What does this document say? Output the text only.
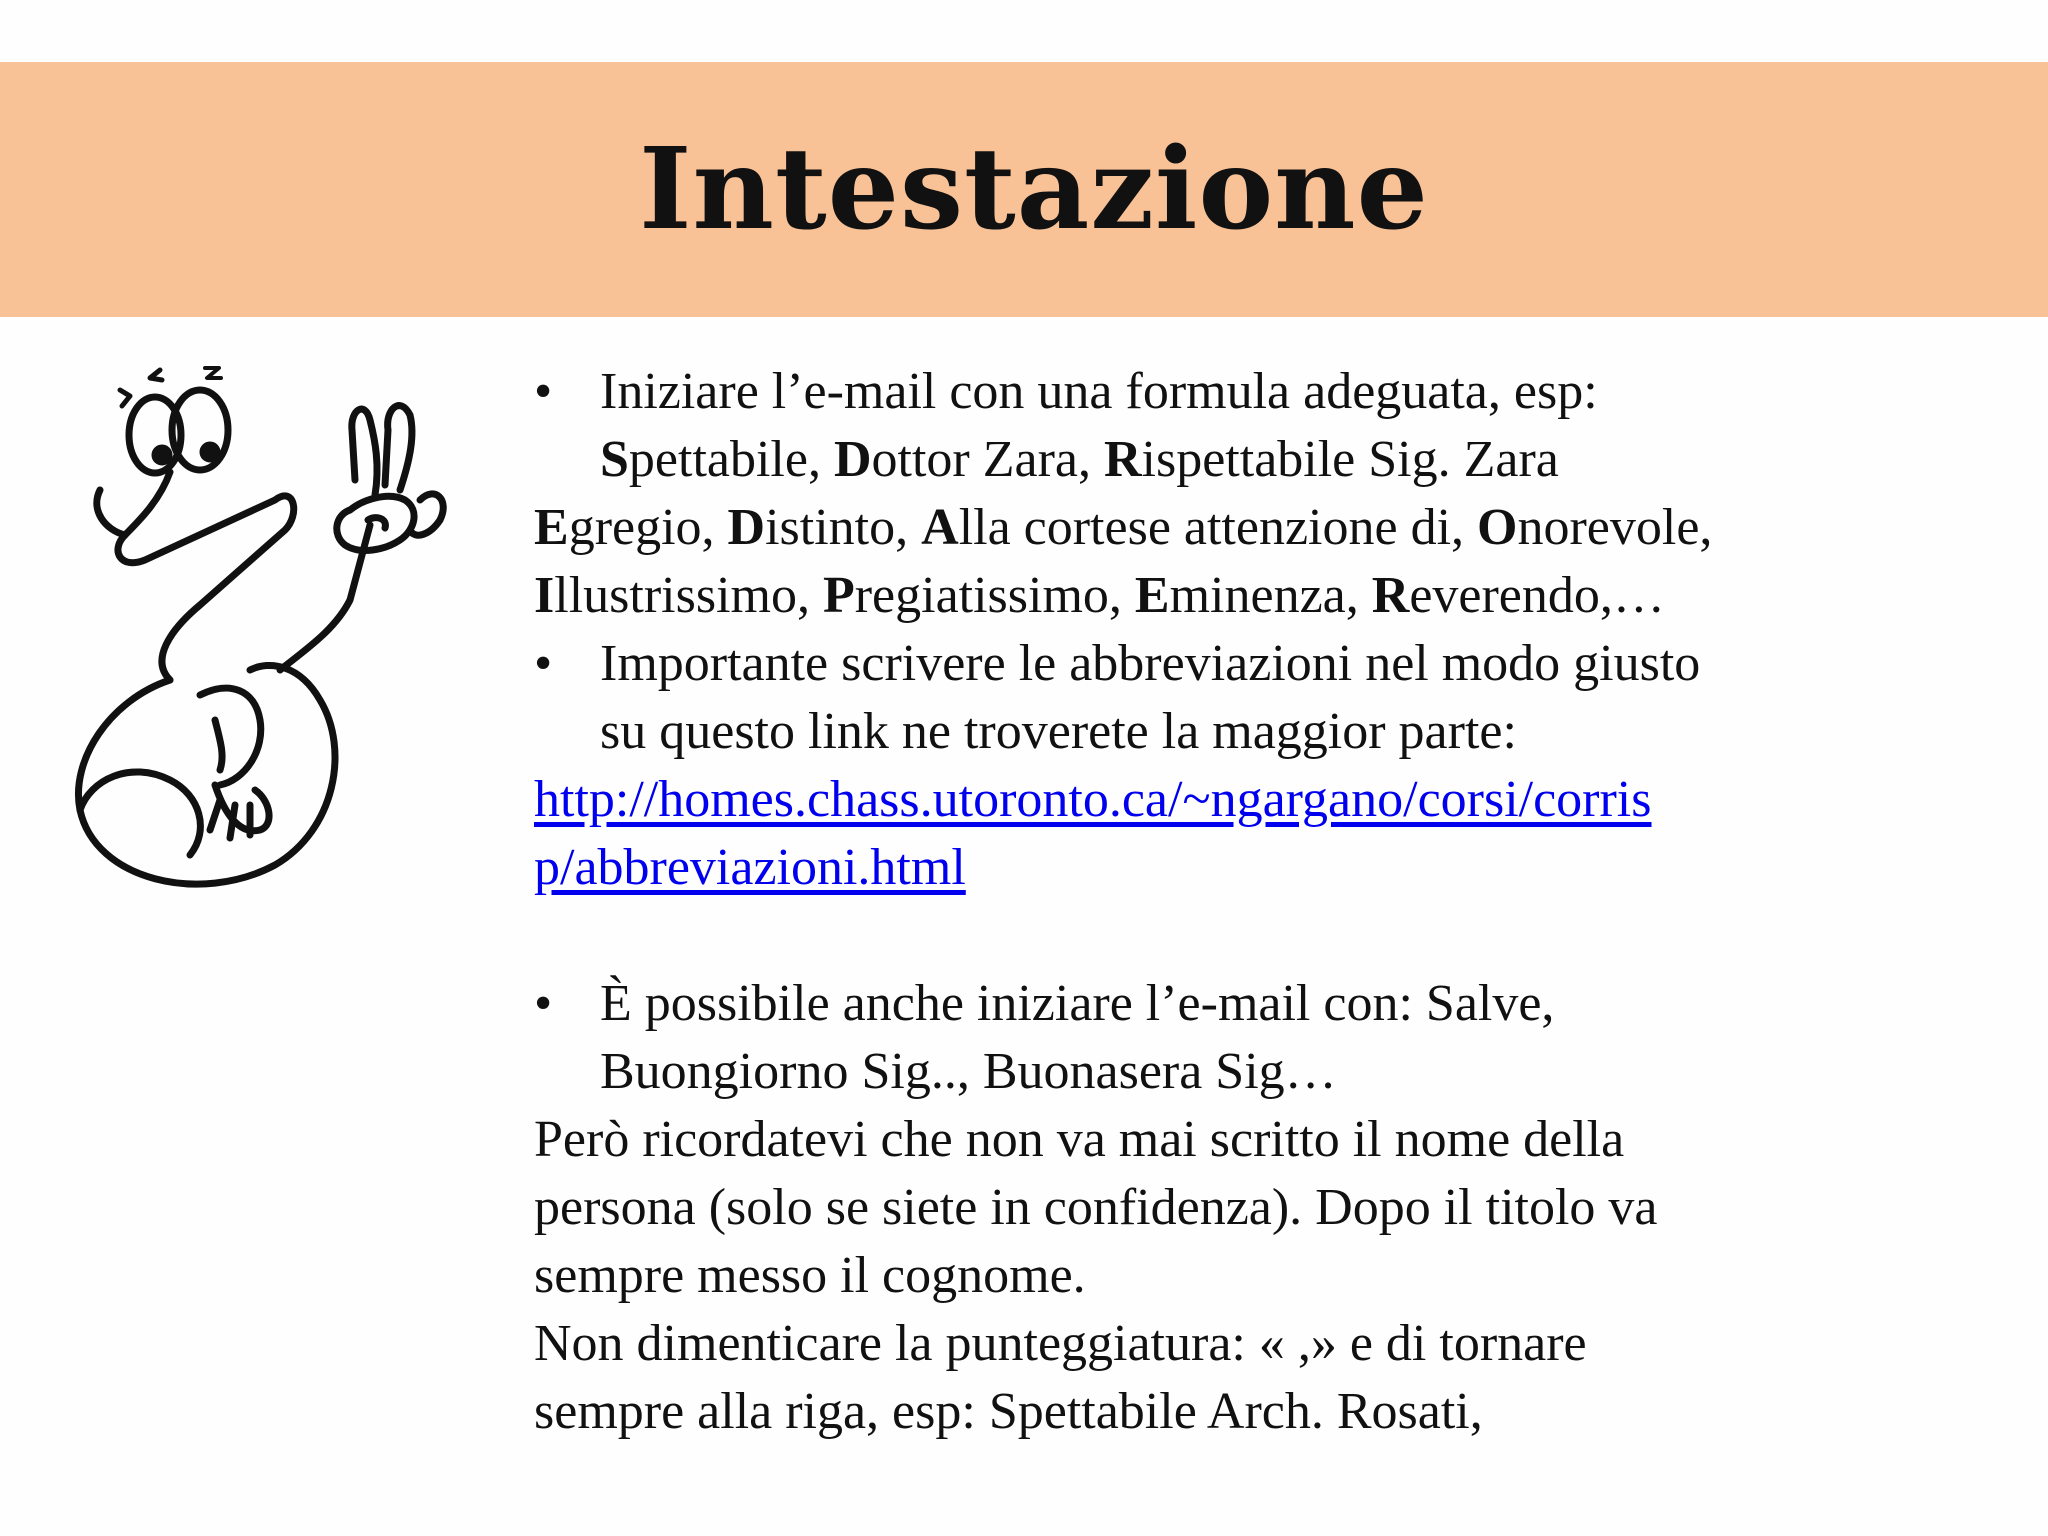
Intestazione
• Iniziare l’e-mail con una formula adeguata, esp:
Spettabile, Dottor Zara, Rispettabile Sig. Zara
Egregio, Distinto, Alla cortese attenzione di, Onorevole,
Illustrissimo, Pregiatissimo, Eminenza, Reverendo,…
• Importante scrivere le abbreviazioni nel modo giusto
su questo link ne troverete la maggior parte:
http://homes.chass.utoronto.ca/~ngargano/corsi/corris
p/abbreviazioni.html
• È possibile anche iniziare l’e-mail con: Salve,
Buongiorno Sig.., Buonasera Sig…
Però ricordatevi che non va mai scritto il nome della
persona (solo se siete in confidenza). Dopo il titolo va
sempre messo il cognome.
Non dimenticare la punteggiatura: « ,» e di tornare
sempre alla riga, esp: Spettabile Arch. Rosati,
